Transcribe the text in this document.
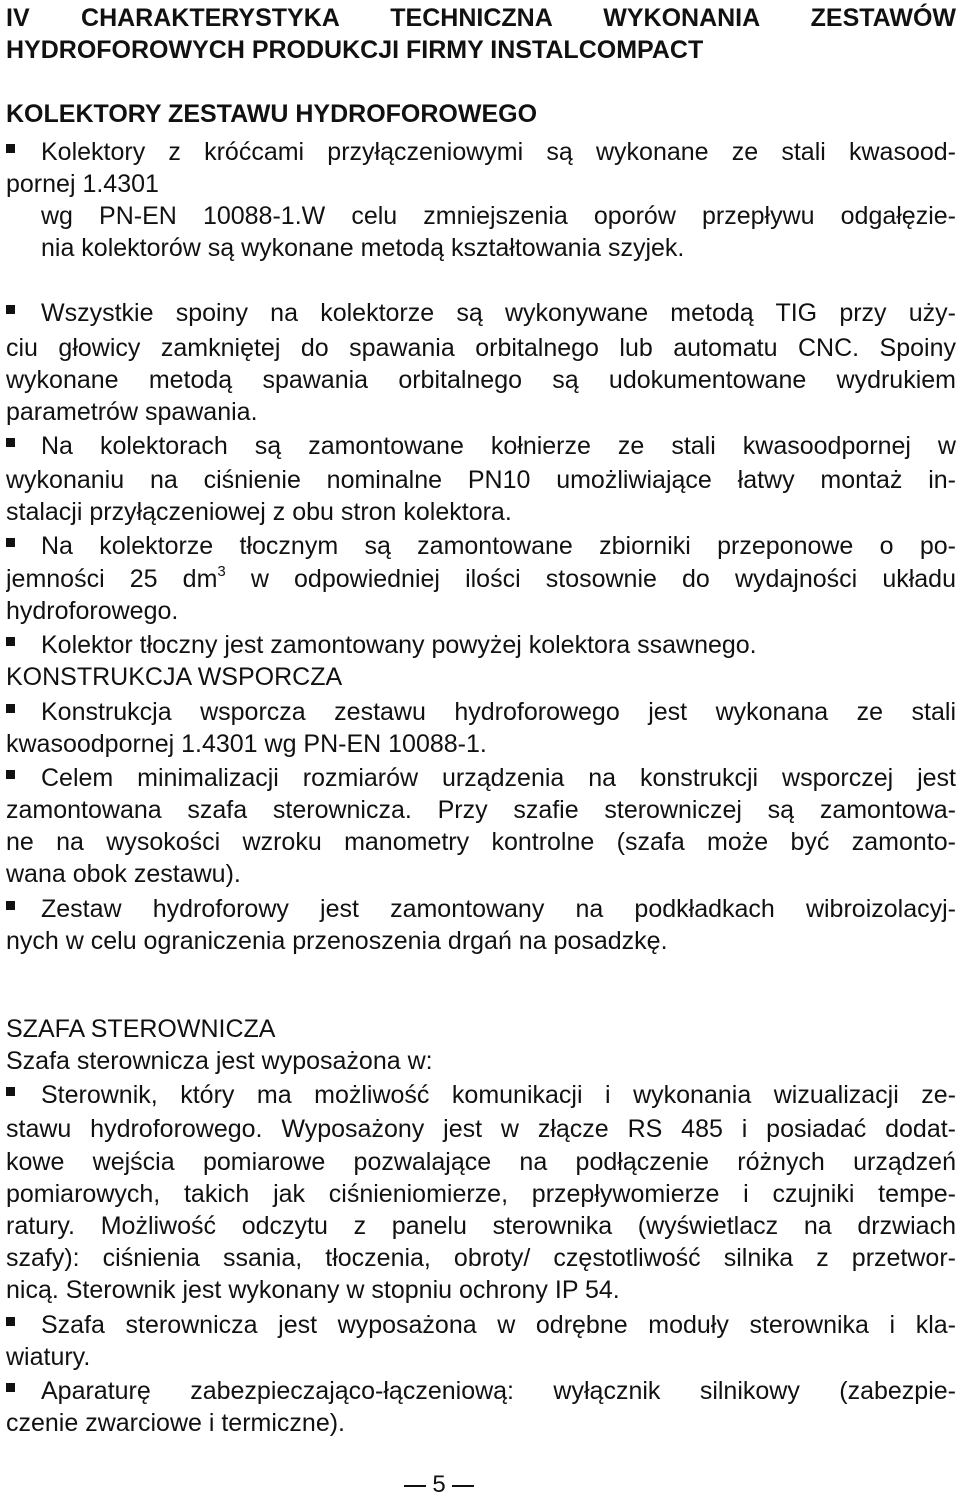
IV CHARAKTERYSTYKA TECHNICZNA WYKONANIA ZESTAWÓW
HYDROFOROWYCH PRODUKCJI FIRMY INSTALCOMPACT
KOLEKTORY ZESTAWU HYDROFOROWEGO
Kolektory z króćcami przyłączeniowymi są wykonane ze stali kwasood-
pornej 1.4301
wg PN-EN 10088-1.W celu zmniejszenia oporów przepływu odgałęzie-
nia kolektorów są wykonane metodą kształtowania szyjek.
Wszystkie spoiny na kolektorze są wykonywane metodą TIG przy uży-
ciu głowicy zamkniętej do spawania orbitalnego lub automatu CNC. Spoiny
wykonane metodą spawania orbitalnego są udokumentowane wydrukiem
parametrów spawania.
Na kolektorach są zamontowane kołnierze ze stali kwasoodpornej w
wykonaniu na ciśnienie nominalne PN10 umożliwiające łatwy montaż in-
stalacji przyłączeniowej z obu stron kolektora.
Na kolektorze tłocznym są zamontowane zbiorniki przeponowe o po-
jemności 25 $dm^3$ w odpowiedniej ilości stosownie do wydajności układu
hydroforowego.
Kolektor tłoczny jest zamontowany powyżej kolektora ssawnego.
KONSTRUKCJA WSPORCZA
Konstrukcja wsporcza zestawu hydroforowego jest wykonana ze stali
kwasoodpornej 1.4301 wg PN-EN 10088-1.
Celem minimalizacji rozmiarów urządzenia na konstrukcji wsporczej jest
zamontowana szafa sterownicza. Przy szafie sterowniczej są zamontowa-
ne na wysokości wzroku manometry kontrolne (szafa może być zamonto-
wana obok zestawu).
Zestaw hydroforowy jest zamontowany na podkładkach wibroizolacyj-
nych w celu ograniczenia przenoszenia drgań na posadzkę.
SZAFA STEROWNICZA
Szafa sterownicza jest wyposażona w:
Sterownik, który ma możliwość komunikacji i wykonania wizualizacji ze-
stawu hydroforowego. Wyposażony jest w złącze RS 485 i posiadać dodat-
kowe wejścia pomiarowe pozwalające na podłączenie różnych urządzeń
pomiarowych, takich jak ciśnieniomierze, przepływomierze i czujniki tempe-
ratury. Możliwość odczytu z panelu sterownika (wyświetlacz na drzwiach
szafy): ciśnienia ssania, tłoczenia, obroty/ częstotliwość silnika z przetwor-
nicą. Sterownik jest wykonany w stopniu ochrony IP 54.
Szafa sterownicza jest wyposażona w odrębne moduły sterownika i kla-
wiatury.
Aparaturę zabezpieczająco-łączeniową: wyłącznik silnikowy (zabezpie-
czenie zwarciowe i termiczne).
5
